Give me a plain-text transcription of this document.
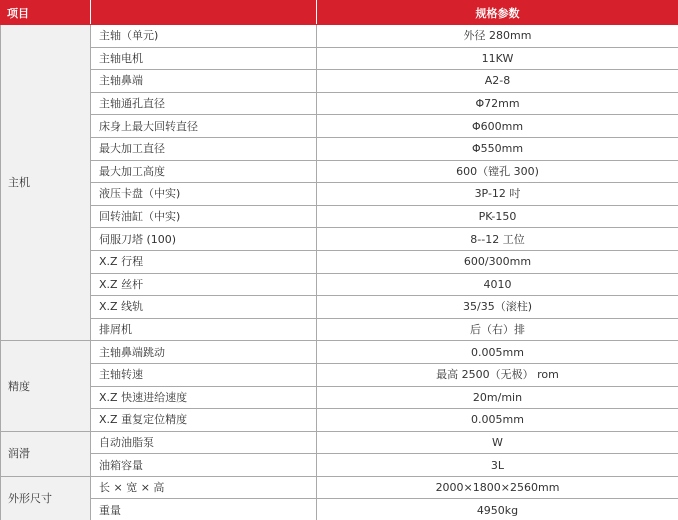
项目		规格参数
主机	主轴（单元)	外径 280mm
	主轴电机	11KW
	主轴鼻端	A2-8
	主轴通孔直径	Φ72mm
	床身上最大回转直径	Φ600mm
	最大加工直径	Φ550mm
	最大加工高度	600（镗孔 300)
	液压卡盘（中实)	3P-12 吋
	回转油缸（中实)	PK-150
	伺服刀塔 (100)	8--12 工位
	X.Z 行程	600/300mm
	X.Z 丝杆	4010
	X.Z 线轨	35/35（滚柱)
	排屑机	后（右）排
精度	主轴鼻端跳动	0.005mm
	主轴转速	最高 2500（无极） rom
	X.Z 快速进给速度	20m/min
	X.Z 重复定位精度	0.005mm
润滑	自动油脂泵	W
	油箱容量	3L
外形尺寸	长 × 宽 × 高	2000×1800×2560mm
	重量	4950kg
